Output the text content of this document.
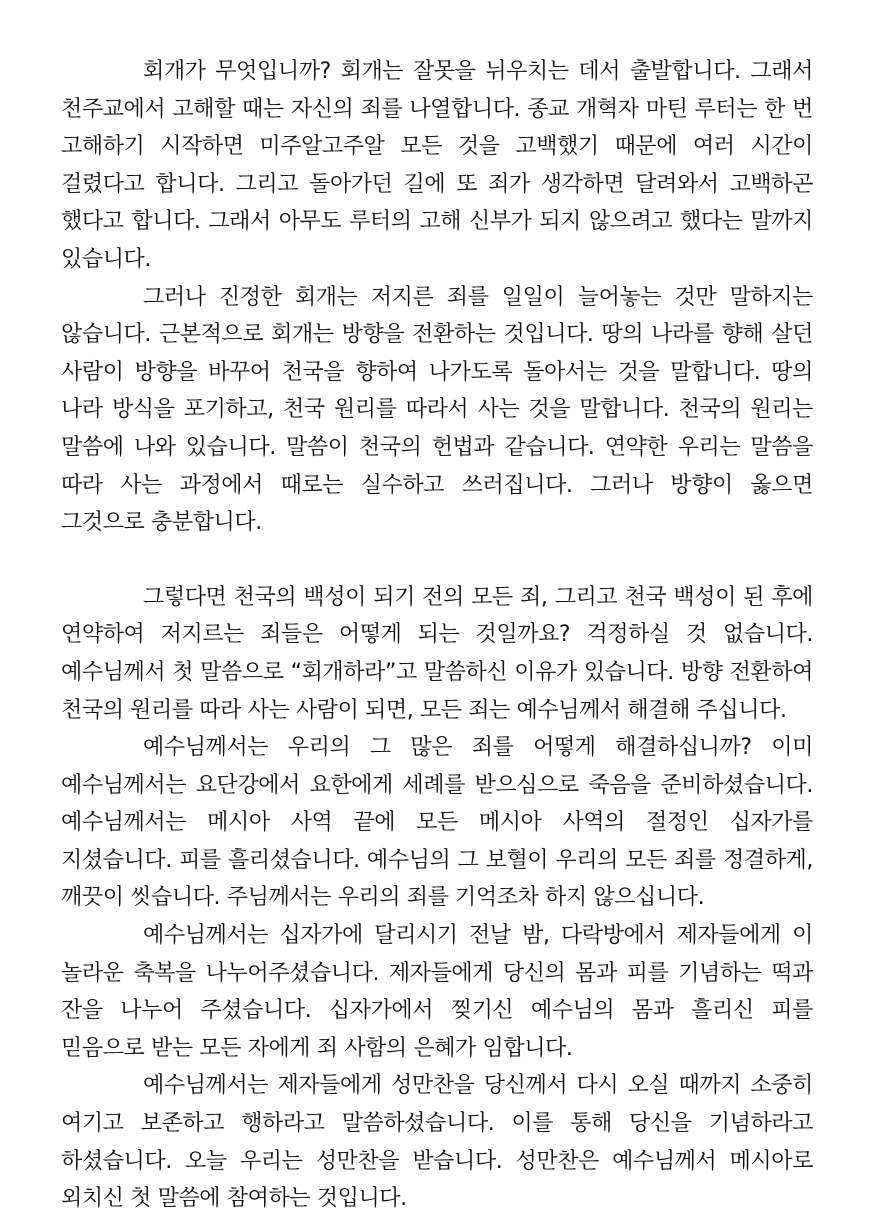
회개가 무엇입니까? 회개는 잘못을 뉘우치는 데서 출발합니다. 그래서 천주교에서 고해할 때는 자신의 죄를 나열합니다. 종교 개혁자 마틴 루터는 한 번 고해하기 시작하면 미주알고주알 모든 것을 고백했기 때문에 여러 시간이 걸렸다고 합니다. 그리고 돌아가던 길에 또 죄가 생각하면 달려와서 고백하곤 했다고 합니다. 그래서 아무도 루터의 고해 신부가 되지 않으려고 했다는 말까지 있습니다.

그러나 진정한 회개는 저지른 죄를 일일이 늘어놓는 것만 말하지는 않습니다. 근본적으로 회개는 방향을 전환하는 것입니다. 땅의 나라를 향해 살던 사람이 방향을 바꾸어 천국을 향하여 나가도록 돌아서는 것을 말합니다. 땅의 나라 방식을 포기하고, 천국 원리를 따라서 사는 것을 말합니다. 천국의 원리는 말씀에 나와 있습니다. 말씀이 천국의 헌법과 같습니다. 연약한 우리는 말씀을 따라 사는 과정에서 때로는 실수하고 쓰러집니다. 그러나 방향이 옳으면 그것으로 충분합니다.

그렇다면 천국의 백성이 되기 전의 모든 죄, 그리고 천국 백성이 된 후에 연약하여 저지르는 죄들은 어떻게 되는 것일까요? 걱정하실 것 없습니다. 예수님께서 첫 말씀으로 “회개하라”고 말씀하신 이유가 있습니다. 방향 전환하여 천국의 원리를 따라 사는 사람이 되면, 모든 죄는 예수님께서 해결해 주십니다.

예수님께서는 우리의 그 많은 죄를 어떻게 해결하십니까? 이미 예수님께서는 요단강에서 요한에게 세례를 받으심으로 죽음을 준비하셨습니다. 예수님께서는 메시아 사역 끝에 모든 메시아 사역의 절정인 십자가를 지셨습니다. 피를 흘리셨습니다. 예수님의 그 보혈이 우리의 모든 죄를 정결하게, 깨끗이 씻습니다. 주님께서는 우리의 죄를 기억조차 하지 않으십니다.

예수님께서는 십자가에 달리시기 전날 밤, 다락방에서 제자들에게 이 놀라운 축복을 나누어주셨습니다. 제자들에게 당신의 몸과 피를 기념하는 떡과 잔을 나누어 주셨습니다. 십자가에서 찢기신 예수님의 몸과 흘리신 피를 믿음으로 받는 모든 자에게 죄 사함의 은혜가 임합니다.

예수님께서는 제자들에게 성만찬을 당신께서 다시 오실 때까지 소중히 여기고 보존하고 행하라고 말씀하셨습니다. 이를 통해 당신을 기념하라고 하셨습니다. 오늘 우리는 성만찬을 받습니다. 성만찬은 예수님께서 메시아로 외치신 첫 말씀에 참여하는 것입니다.
